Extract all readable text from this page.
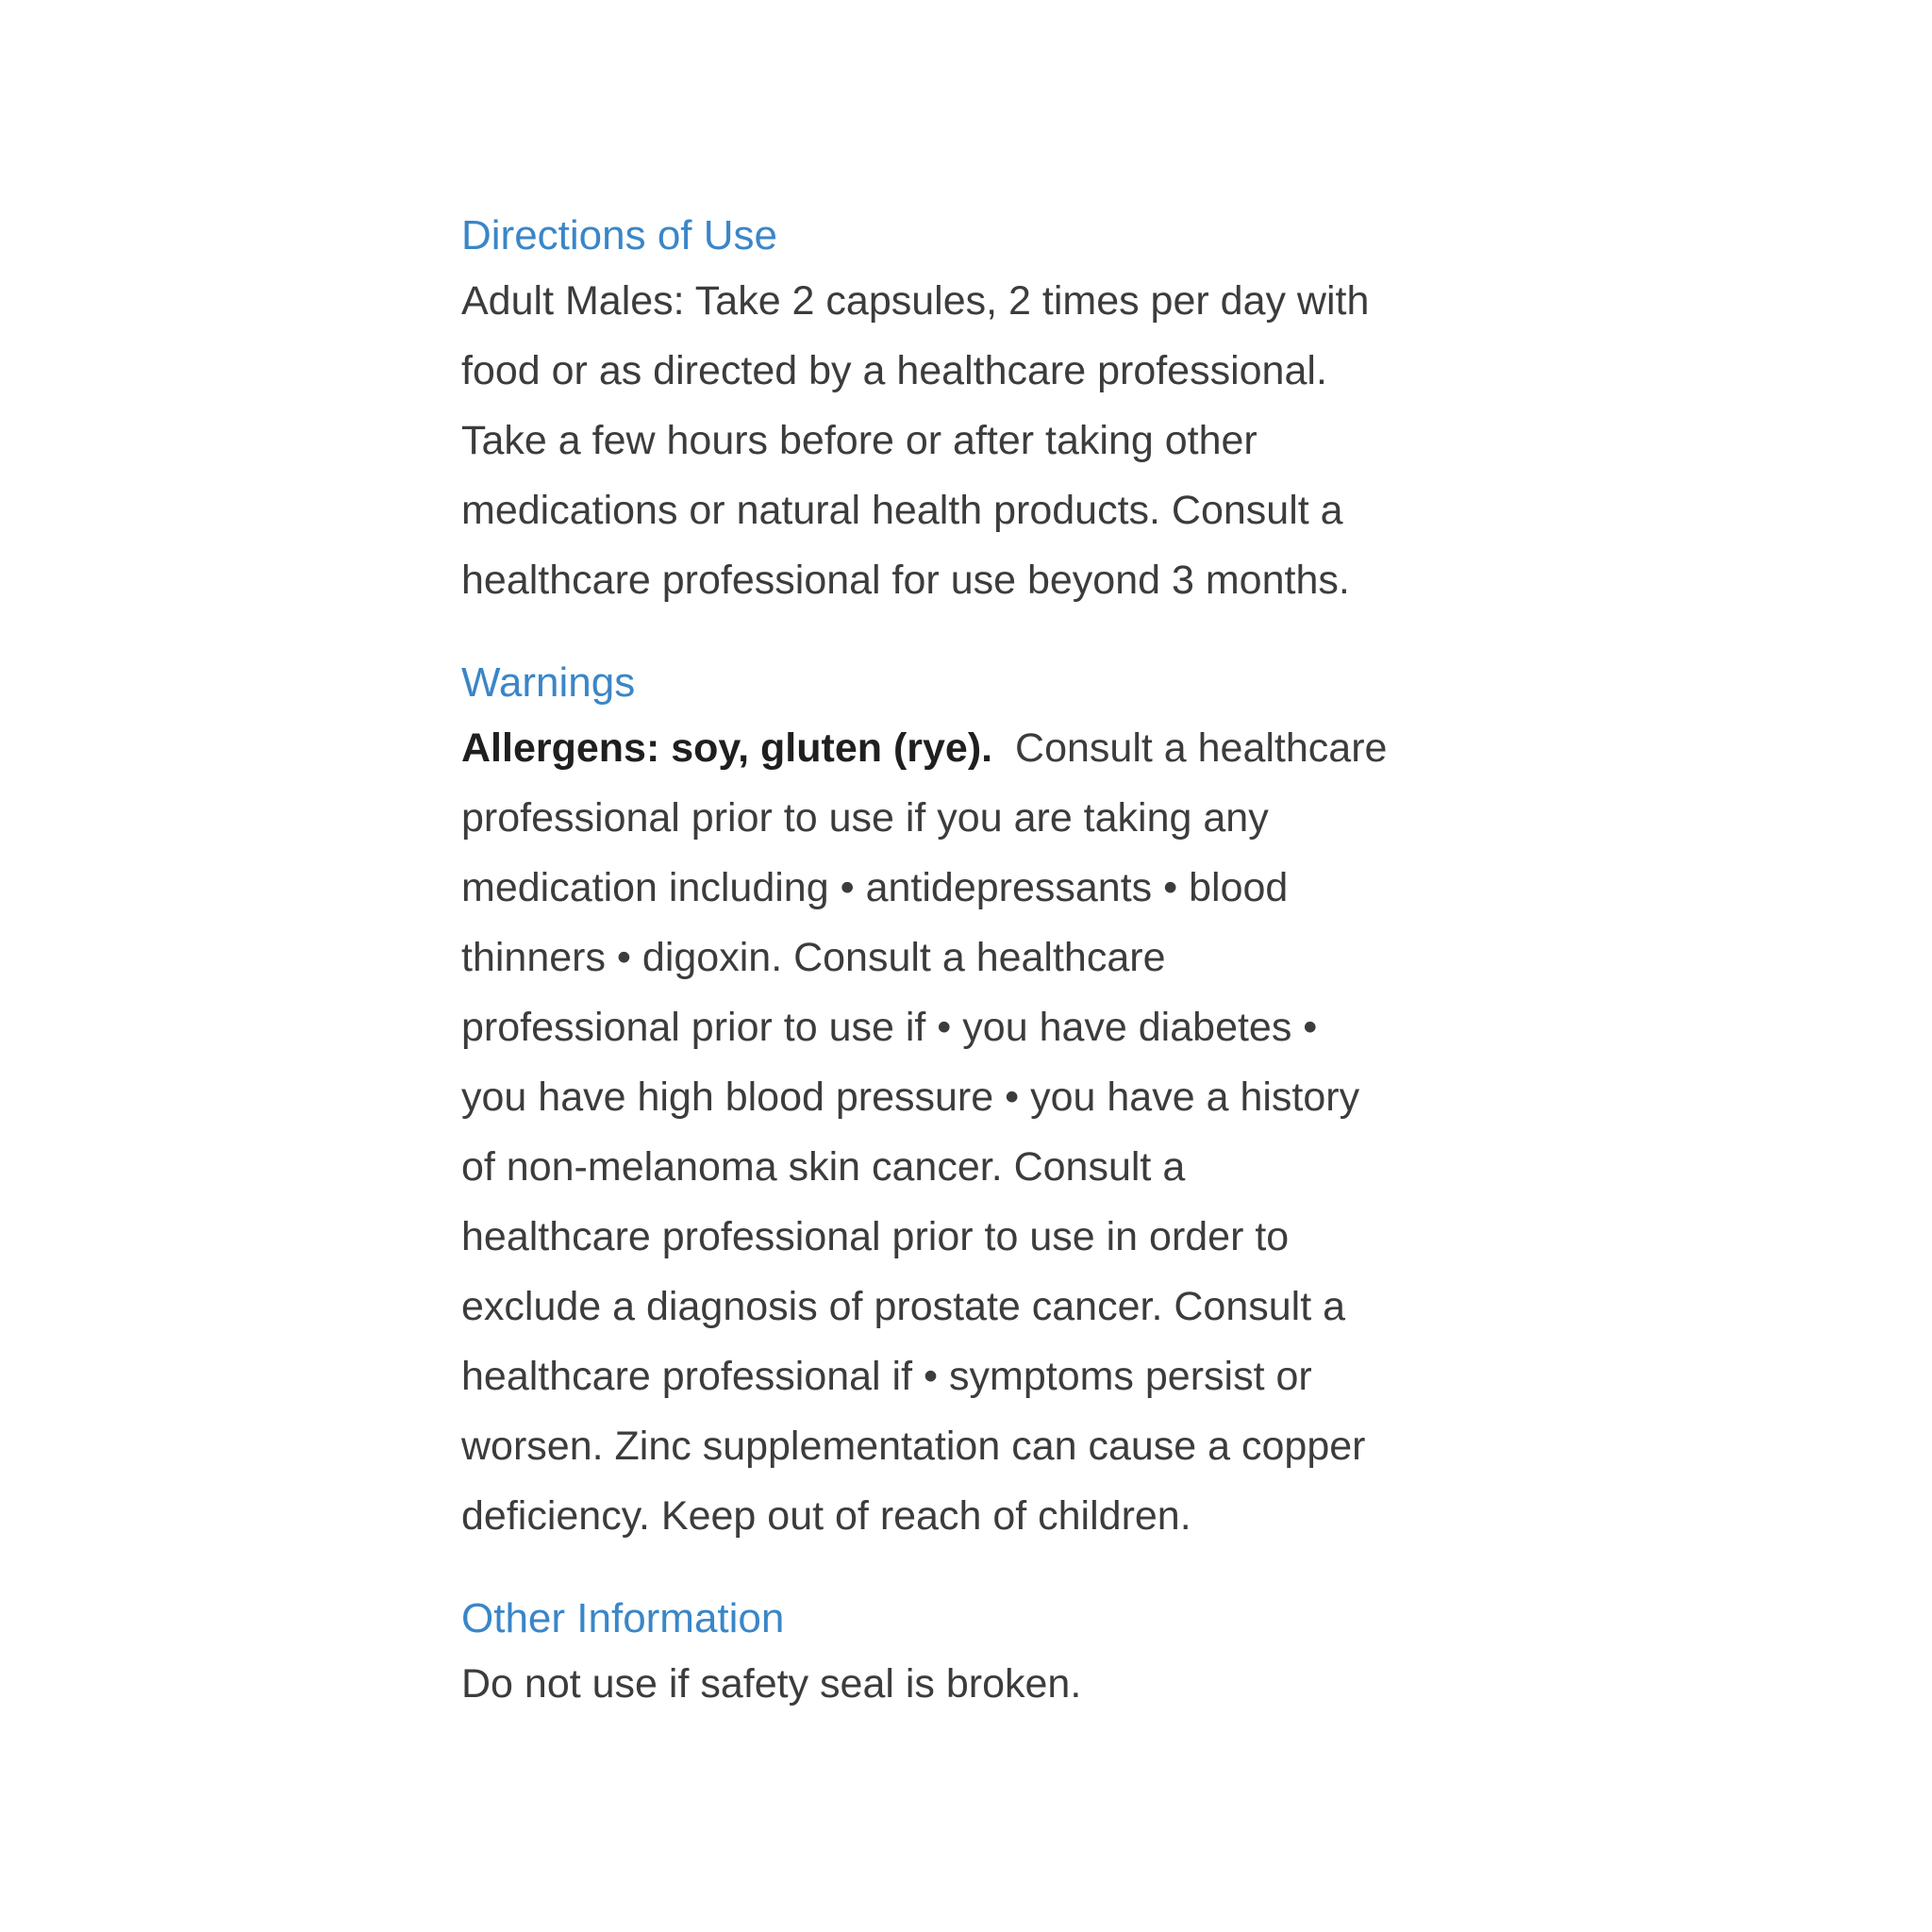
Directions of Use

Adult Males: Take 2 capsules, 2 times per day with
food or as directed by a healthcare professional.
Take a few hours before or after taking other
medications or natural health products. Consult a
healthcare professional for use beyond 3 months.

Warnings

Allergens: soy, gluten (rye). Consult a healthcare
professional prior to use if you are taking any
medication including • antidepressants • blood
thinners • digoxin. Consult a healthcare
professional prior to use if • you have diabetes •
you have high blood pressure • you have a history
of non-melanoma skin cancer. Consult a
healthcare professional prior to use in order to
exclude a diagnosis of prostate cancer. Consult a
healthcare professional if • symptoms persist or
worsen. Zinc supplementation can cause a copper
deficiency. Keep out of reach of children.

Other Information

Do not use if safety seal is broken.
